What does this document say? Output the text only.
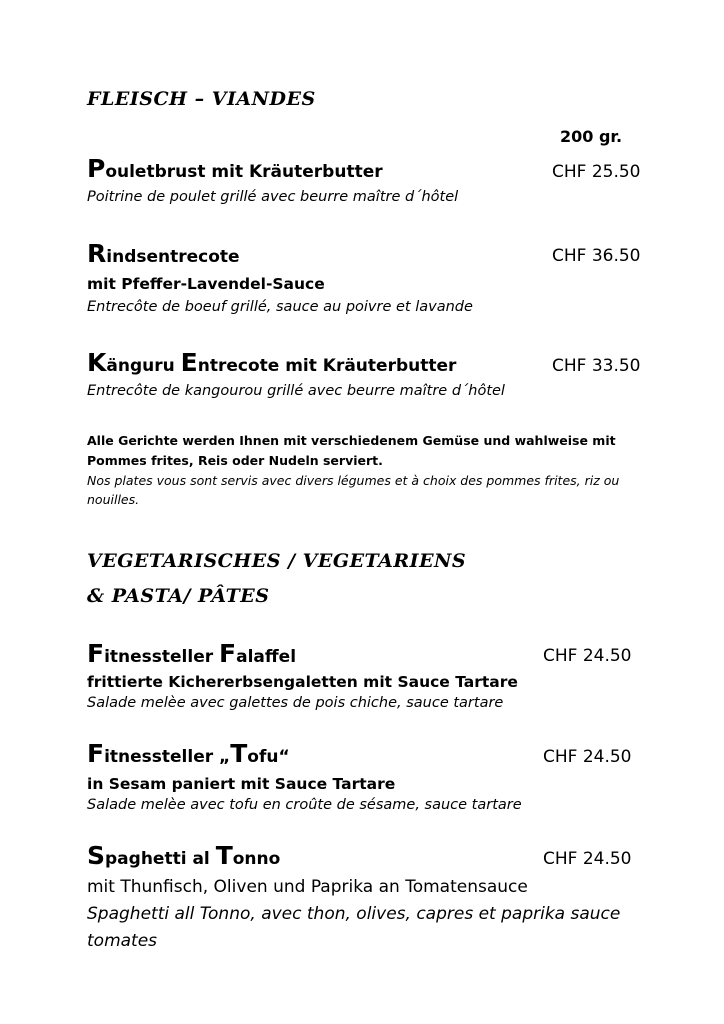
FLEISCH – VIANDES
200 gr.
Pouletbrust mit Kräuterbutter	CHF 25.50
Poitrine de poulet grillé avec beurre maître d´hôtel
Rindsentrecote	CHF 36.50
mit Pfeffer-Lavendel-Sauce
Entrecôte de boeuf grillé, sauce au poivre et lavande
Känguru Entrecote mit Kräuterbutter	CHF 33.50
Entrecôte de kangourou grillé avec beurre maître d´hôtel
Alle Gerichte werden Ihnen mit verschiedenem Gemüse und wahlweise mit Pommes frites, Reis oder Nudeln serviert.
Nos plates vous sont servis avec divers légumes et à choix des pommes frites, riz ou nouilles.
VEGETARISCHES / VEGETARIENS
& PASTA/ PÂTES
Fitnessteller Falaffel	CHF 24.50
frittierte Kichererbsengaletten mit Sauce Tartare
Salade melèe avec galettes de pois chiche, sauce tartare
Fitnessteller „Tofu“	CHF 24.50
in Sesam paniert mit Sauce Tartare
Salade melèe avec tofu en croûte de sésame, sauce tartare
Spaghetti al Tonno	CHF 24.50
mit Thunfisch, Oliven und Paprika an Tomatensauce
Spaghetti all Tonno, avec thon, olives, capres et paprika sauce tomates
